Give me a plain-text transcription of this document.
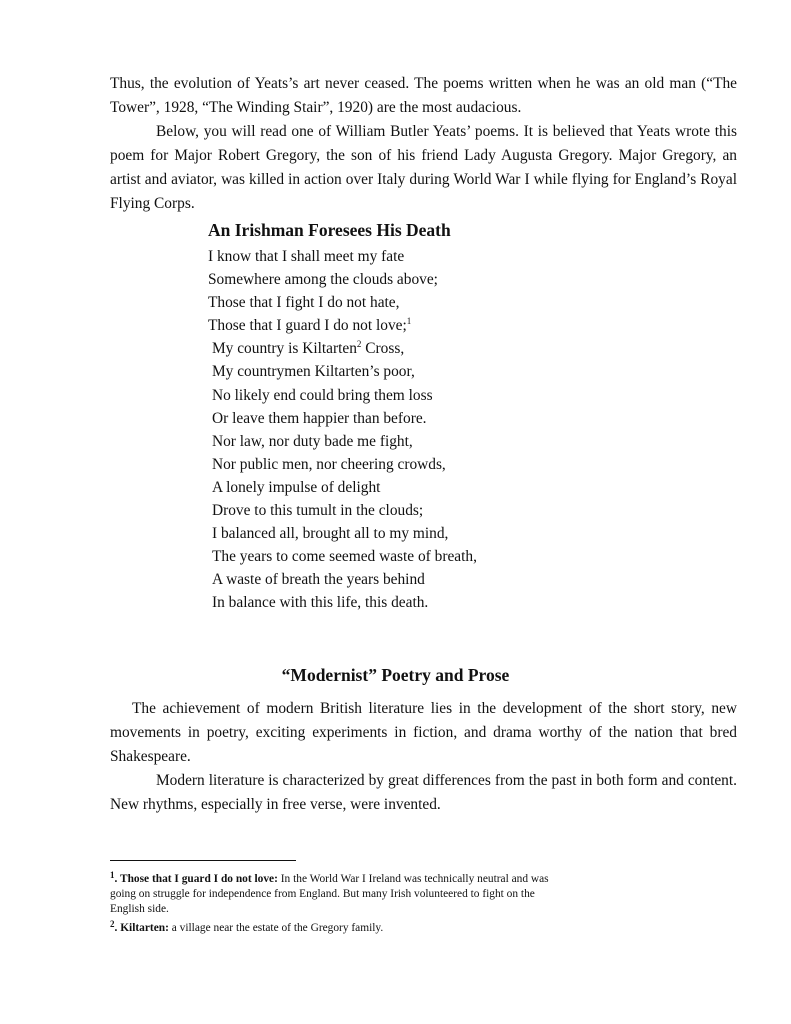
Thus, the evolution of Yeats’s art never ceased. The poems written when he was an old man (“The Tower”, 1928, “The Winding Stair”, 1920) are the most audacious.

Below, you will read one of William Butler Yeats’ poems. It is believed that Yeats wrote this poem for Major Robert Gregory, the son of his friend Lady Augusta Gregory. Major Gregory, an artist and aviator, was killed in action over Italy during World War I while flying for England’s Royal Flying Corps.

An Irishman Foresees His Death
I know that I shall meet my fate
Somewhere among the clouds above;
Those that I fight I do not hate,
Those that I guard I do not love;$^1$
My country is Kiltarten$^2$ Cross,
My countrymen Kiltarten’s poor,
No likely end could bring them loss
Or leave them happier than before.
Nor law, nor duty bade me fight,
Nor public men, nor cheering crowds,
A lonely impulse of delight
Drove to this tumult in the clouds;
I balanced all, brought all to my mind,
The years to come seemed waste of breath,
A waste of breath the years behind
In balance with this life, this death.
“Modernist” Poetry and Prose

The achievement of modern British literature lies in the development of the short story, new movements in poetry, exciting experiments in fiction, and drama worthy of the nation that bred Shakespeare.

Modern literature is characterized by great differences from the past in both form and content. New rhythms, especially in free verse, were invented.

$^1$. Those that I guard I do not love: In the World War I Ireland was technically neutral and was going on struggle for independence from England. But many Irish volunteered to fight on the English side.

$^2$. Kiltarten: a village near the estate of the Gregory family.
